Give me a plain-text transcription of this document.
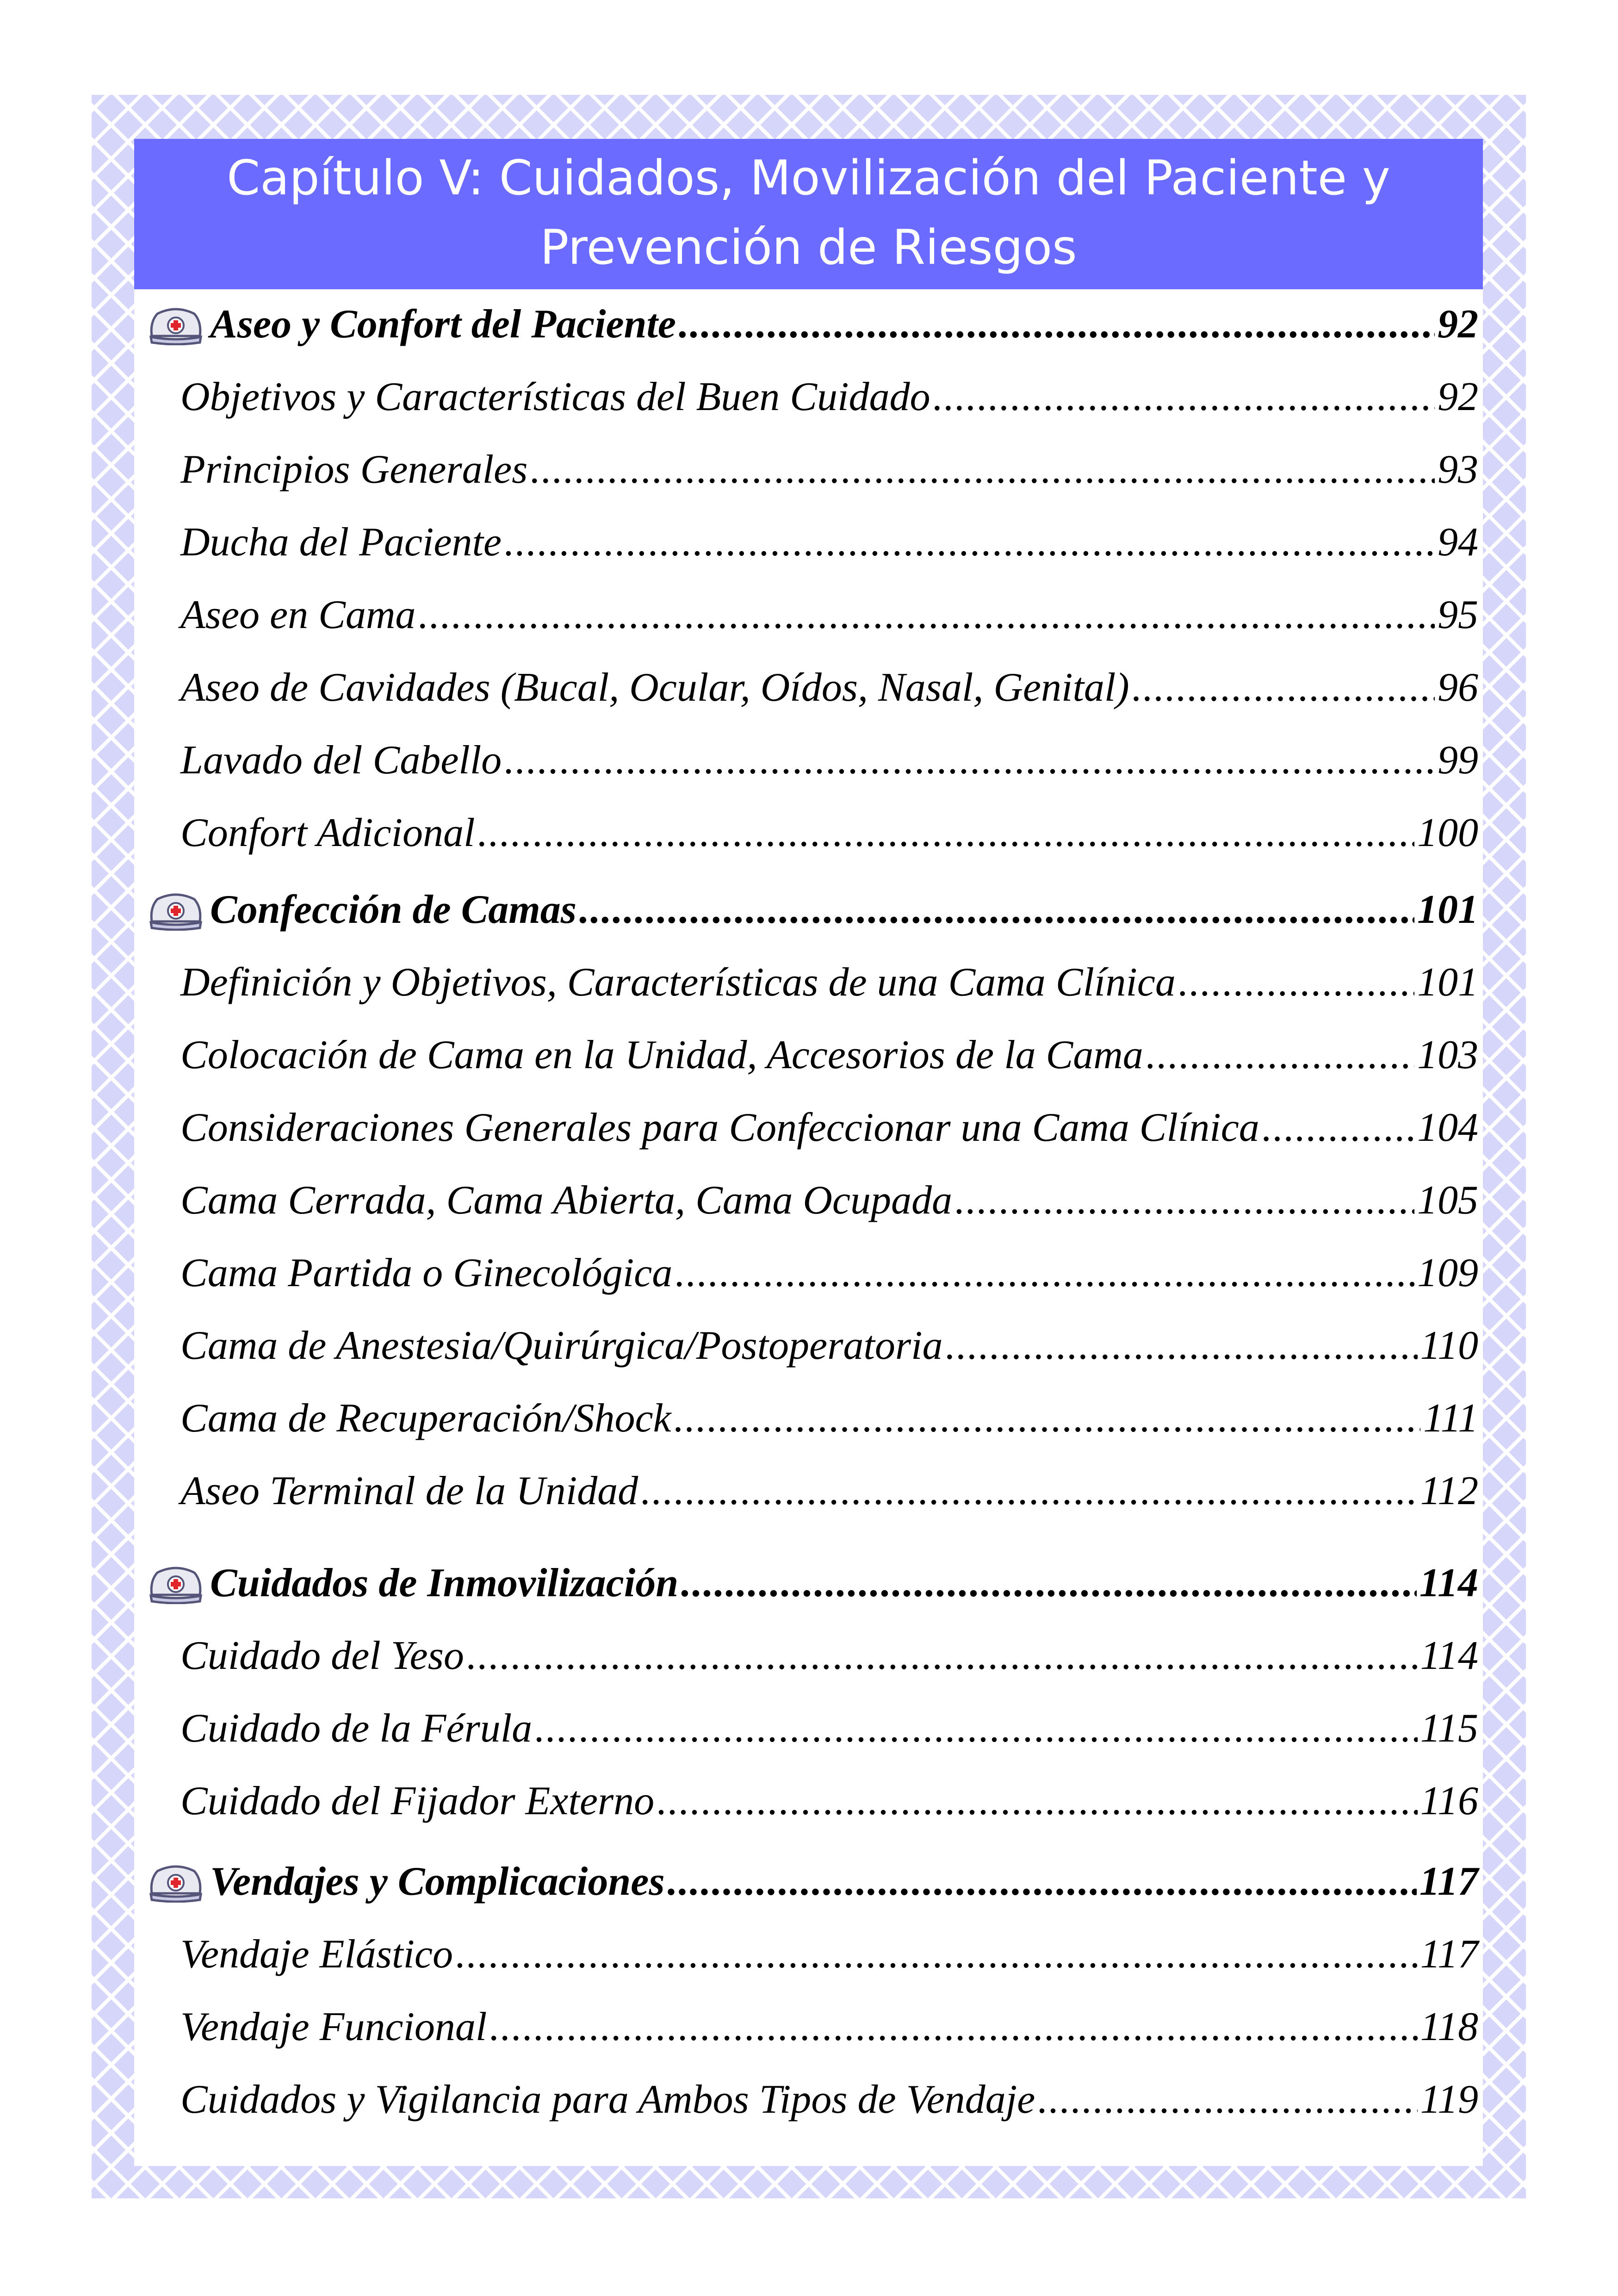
Capítulo V: Cuidados, Movilización del Paciente y
Prevención de Riesgos
Aseo y Confort del Paciente .....	92
Objetivos y Características del Buen Cuidado .....	92
Principios Generales .....	93
Ducha del Paciente .....	94
Aseo en Cama .....	95
Aseo de Cavidades (Bucal, Ocular, Oídos, Nasal, Genital) .....	96
Lavado del Cabello .....	99
Confort Adicional .....	100
Confección de Camas .....	101
Definición y Objetivos, Características de una Cama Clínica .....	101
Colocación de Cama en la Unidad, Accesorios de la Cama .....	103
Consideraciones Generales para Confeccionar una Cama Clínica .....	104
Cama Cerrada, Cama Abierta, Cama Ocupada .....	105
Cama Partida o Ginecológica .....	109
Cama de Anestesia/Quirúrgica/Postoperatoria .....	110
Cama de Recuperación/Shock .....	111
Aseo Terminal de la Unidad .....	112
Cuidados de Inmovilización .....	114
Cuidado del Yeso .....	114
Cuidado de la Férula .....	115
Cuidado del Fijador Externo .....	116
Vendajes y Complicaciones .....	117
Vendaje Elástico .....	117
Vendaje Funcional .....	118
Cuidados y Vigilancia para Ambos Tipos de Vendaje .....	119
